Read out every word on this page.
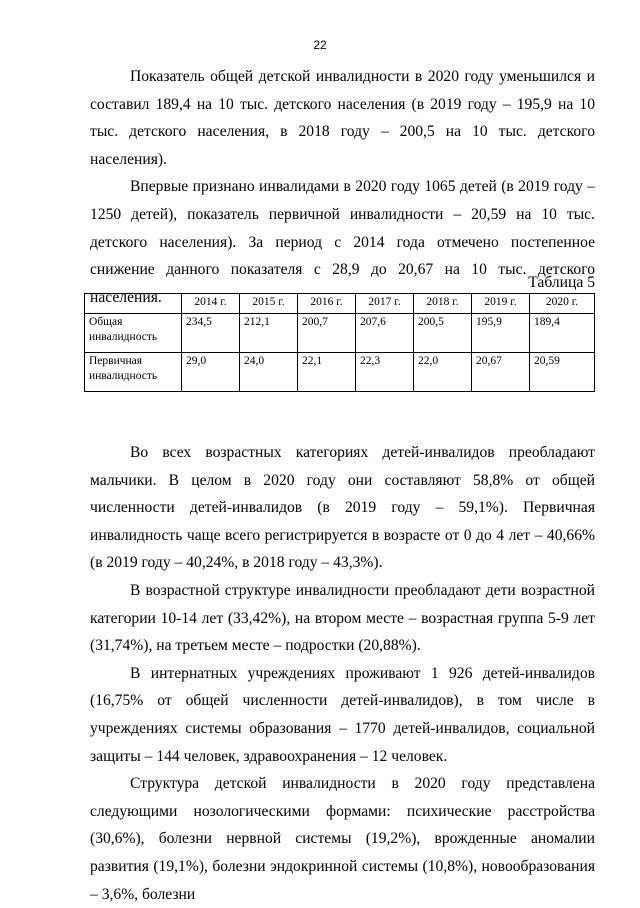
22

Показатель общей детской инвалидности в 2020 году уменьшился и составил 189,4 на 10 тыс. детского населения (в 2019 году – 195,9 на 10 тыс. детского населения, в 2018 году – 200,5 на 10 тыс. детского населения).

Впервые признано инвалидами в 2020 году 1065 детей (в 2019 году – 1250 детей), показатель первичной инвалидности – 20,59 на 10 тыс. детского населения). За период с 2014 года отмечено постепенное снижение данного показателя с 28,9 до 20,67 на 10 тыс. детского населения.

Таблица 5
	2014 г.	2015 г.	2016 г.	2017 г.	2018 г.	2019 г.	2020 г.
Общая инвалидность	234,5	212,1	200,7	207,6	200,5	195,9	189,4
Первичная инвалидность	29,0	24,0	22,1	22,3	22,0	20,67	20,59

Во всех возрастных категориях детей-инвалидов преобладают мальчики. В целом в 2020 году они составляют 58,8% от общей численности детей-инвалидов (в 2019 году – 59,1%). Первичная инвалидность чаще всего регистрируется в возрасте от 0 до 4 лет – 40,66% (в 2019 году – 40,24%, в 2018 году – 43,3%).

В возрастной структуре инвалидности преобладают дети возрастной категории 10-14 лет (33,42%), на втором месте – возрастная группа 5-9 лет (31,74%), на третьем месте – подростки (20,88%).

В интернатных учреждениях проживают 1 926 детей-инвалидов (16,75% от общей численности детей-инвалидов), в том числе в учреждениях системы образования – 1770 детей-инвалидов, социальной защиты – 144 человек, здравоохранения – 12 человек.

Структура детской инвалидности в 2020 году представлена следующими нозологическими формами: психические расстройства (30,6%), болезни нервной системы (19,2%), врожденные аномалии развития (19,1%), болезни эндокринной системы (10,8%), новообразования – 3,6%, болезни
